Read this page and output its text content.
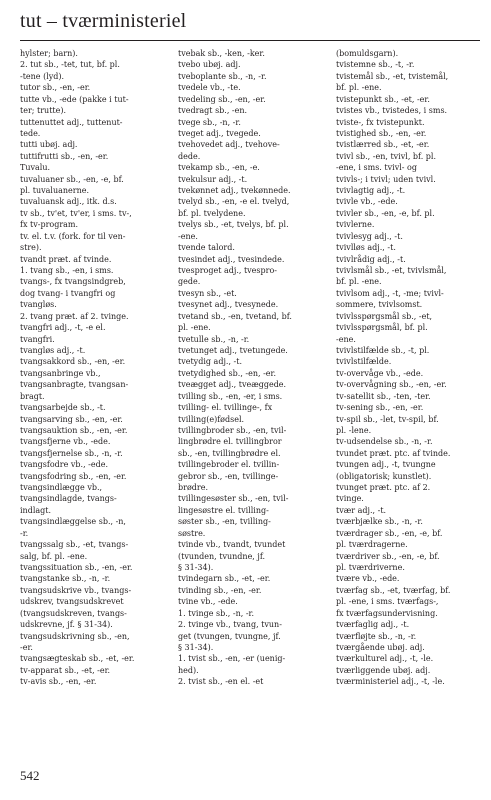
tut – tværministeriel
hylster; barn).
2. tut sb., -tet, tut, bf. pl.
-tene (lyd).
tutor sb., -en, -er.
tutte vb., -ede (pakke i tut-
ter; trutte).
tuttenuttet adj., tuttenut-
tede.
tutti ubøj. adj.
tuttifrutti sb., -en, -er.
Tuvalu.
tuvaluaner sb., -en, -e, bf.
pl. tuvaluanerne.
tuvaluansk adj., itk. d.s.
tv sb., tv'et, tv'er, i sms. tv-,
fx tv-program.
tv. el. t.v. (fork. for til ven-
stre).
tvandt præt. af tvinde.
1. tvang sb., -en, i sms.
tvangs-, fx tvangsindgreb,
dog tvang- i tvangfri og
tvangløs.
2. tvang præt. af 2. tvinge.
tvangfri adj., -t, -e el.
tvangfri.
tvangløs adj., -t.
tvangsakkord sb., -en, -er.
tvangsanbringe vb.,
tvangsanbragte, tvangsan-
bragt.
tvangsarbejde sb., -t.
tvangsarving sb., -en, -er.
tvangsauktion sb., -en, -er.
tvangsfjerne vb., -ede.
tvangsfjernelse sb., -n, -r.
tvangsfodre vb., -ede.
tvangsfodring sb., -en, -er.
tvangsindlægge vb.,
tvangsindlagde, tvangs-
indlagt.
tvangsindlæggelse sb., -n,
-r.
tvangssalg sb., -et, tvangs-
salg, bf. pl. -ene.
tvangssituation sb., -en, -er.
tvangstanke sb., -n, -r.
tvangsudskrive vb., tvangs-
udskrev, tvangsudskrevet
(tvangsudskreven, tvangs-
udskrevne, jf. § 31-34).
tvangsudskrivning sb., -en,
-er.
tvangsægteskab sb., -et, -er.
tv-apparat sb., -et, -er.
tv-avis sb., -en, -er.
tvebak sb., -ken, -ker.
tvebo ubøj. adj.
tveboplante sb., -n, -r.
tvedele vb., -te.
tvedeling sb., -en, -er.
tvedragt sb., -en.
tvege sb., -n, -r.
tveget adj., tvegede.
tvehovedet adj., tvehove-
dede.
tvekamp sb., -en, -e.
tvekulsur adj., -t.
tvekønnet adj., tvekønnede.
tvelyd sb., -en, -e el. tvelyd,
bf. pl. tvelydene.
tvelys sb., -et, tvelys, bf. pl.
-ene.
tvende talord.
tvesindet adj., tvesindede.
tvesproget adj., tvespro-
gede.
tvesyn sb., -et.
tvesynet adj., tvesynede.
tvetand sb., -en, tvetand, bf.
pl. -ene.
tvetulle sb., -n, -r.
tvetunget adj., tvetungede.
tvetydig adj., -t.
tvetydighed sb., -en, -er.
tveægget adj., tveæggede.
tvilling sb., -en, -er, i sms.
tvilling- el. tvillinge-, fx
tvilling(e)fødsel.
tvillingbroder sb., -en, tvil-
lingbrødre el. tvillingbror
sb., -en, tvillingbrødre el.
tvillingebroder el. tvillin-
gebror sb., -en, tvillinge-
brødre.
tvillingesøster sb., -en, tvil-
lingesøstre el. tvilling-
søster sb., -en, tvilling-
søstre.
tvinde vb., tvandt, tvundet
(tvunden, tvundne, jf.
§ 31-34).
tvindegarn sb., -et, -er.
tvinding sb., -en, -er.
tvine vb., -ede.
1. tvinge sb., -n, -r.
2. tvinge vb., tvang, tvun-
get (tvungen, tvungne, jf.
§ 31-34).
1. tvist sb., -en, -er (uenig-
hed).
2. tvist sb., -en el. -et
(bomuldsgarn).
tvistemne sb., -t, -r.
tvistemål sb., -et, tvistemål,
bf. pl. -ene.
tvistepunkt sb., -et, -er.
tvistes vb., tvistedes, i sms.
tviste-, fx tvistepunkt.
tvistighed sb., -en, -er.
tvistlærred sb., -et, -er.
tvivl sb., -en, tvivl, bf. pl.
-ene, i sms. tvivl- og
tvivls-; i tvivl; uden tvivl.
tvivlagtig adj., -t.
tvivle vb., -ede.
tvivler sb., -en, -e, bf. pl.
tvivlerne.
tvivlesyg adj., -t.
tvivlløs adj., -t.
tvivlrådig adj., -t.
tvivlsmål sb., -et, tvivlsmål,
bf. pl. -ene.
tvivlsom adj., -t, -me; tvivl-
sommere, tvivlsomst.
tvivlsspørgsmål sb., -et,
tvivlsspørgsmål, bf. pl.
-ene.
tvivlstilfælde sb., -t, pl.
tvivlstilfælde.
tv-overvåge vb., -ede.
tv-overvågning sb., -en, -er.
tv-satellit sb., -ten, -ter.
tv-sening sb., -en, -er.
tv-spil sb., -let, tv-spil, bf.
pl. -lene.
tv-udsendelse sb., -n, -r.
tvundet præt. ptc. af tvinde.
tvungen adj., -t, tvungne
(obligatorisk; kunstlet).
tvunget præt. ptc. af 2.
tvinge.
tvær adj., -t.
tværbjælke sb., -n, -r.
tværdrager sb., -en, -e, bf.
pl. tværdragerne.
tværdriver sb., -en, -e, bf.
pl. tværdriverne.
tvære vb., -ede.
tværfag sb., -et, tværfag, bf.
pl. -ene, i sms. tværfags-,
fx tværfagsundervisning.
tværfaglig adj., -t.
tværfløjte sb., -n, -r.
tværgående ubøj. adj.
tværkulturel adj., -t, -le.
tværliggende ubøj. adj.
tværministeriel adj., -t, -le.
542
